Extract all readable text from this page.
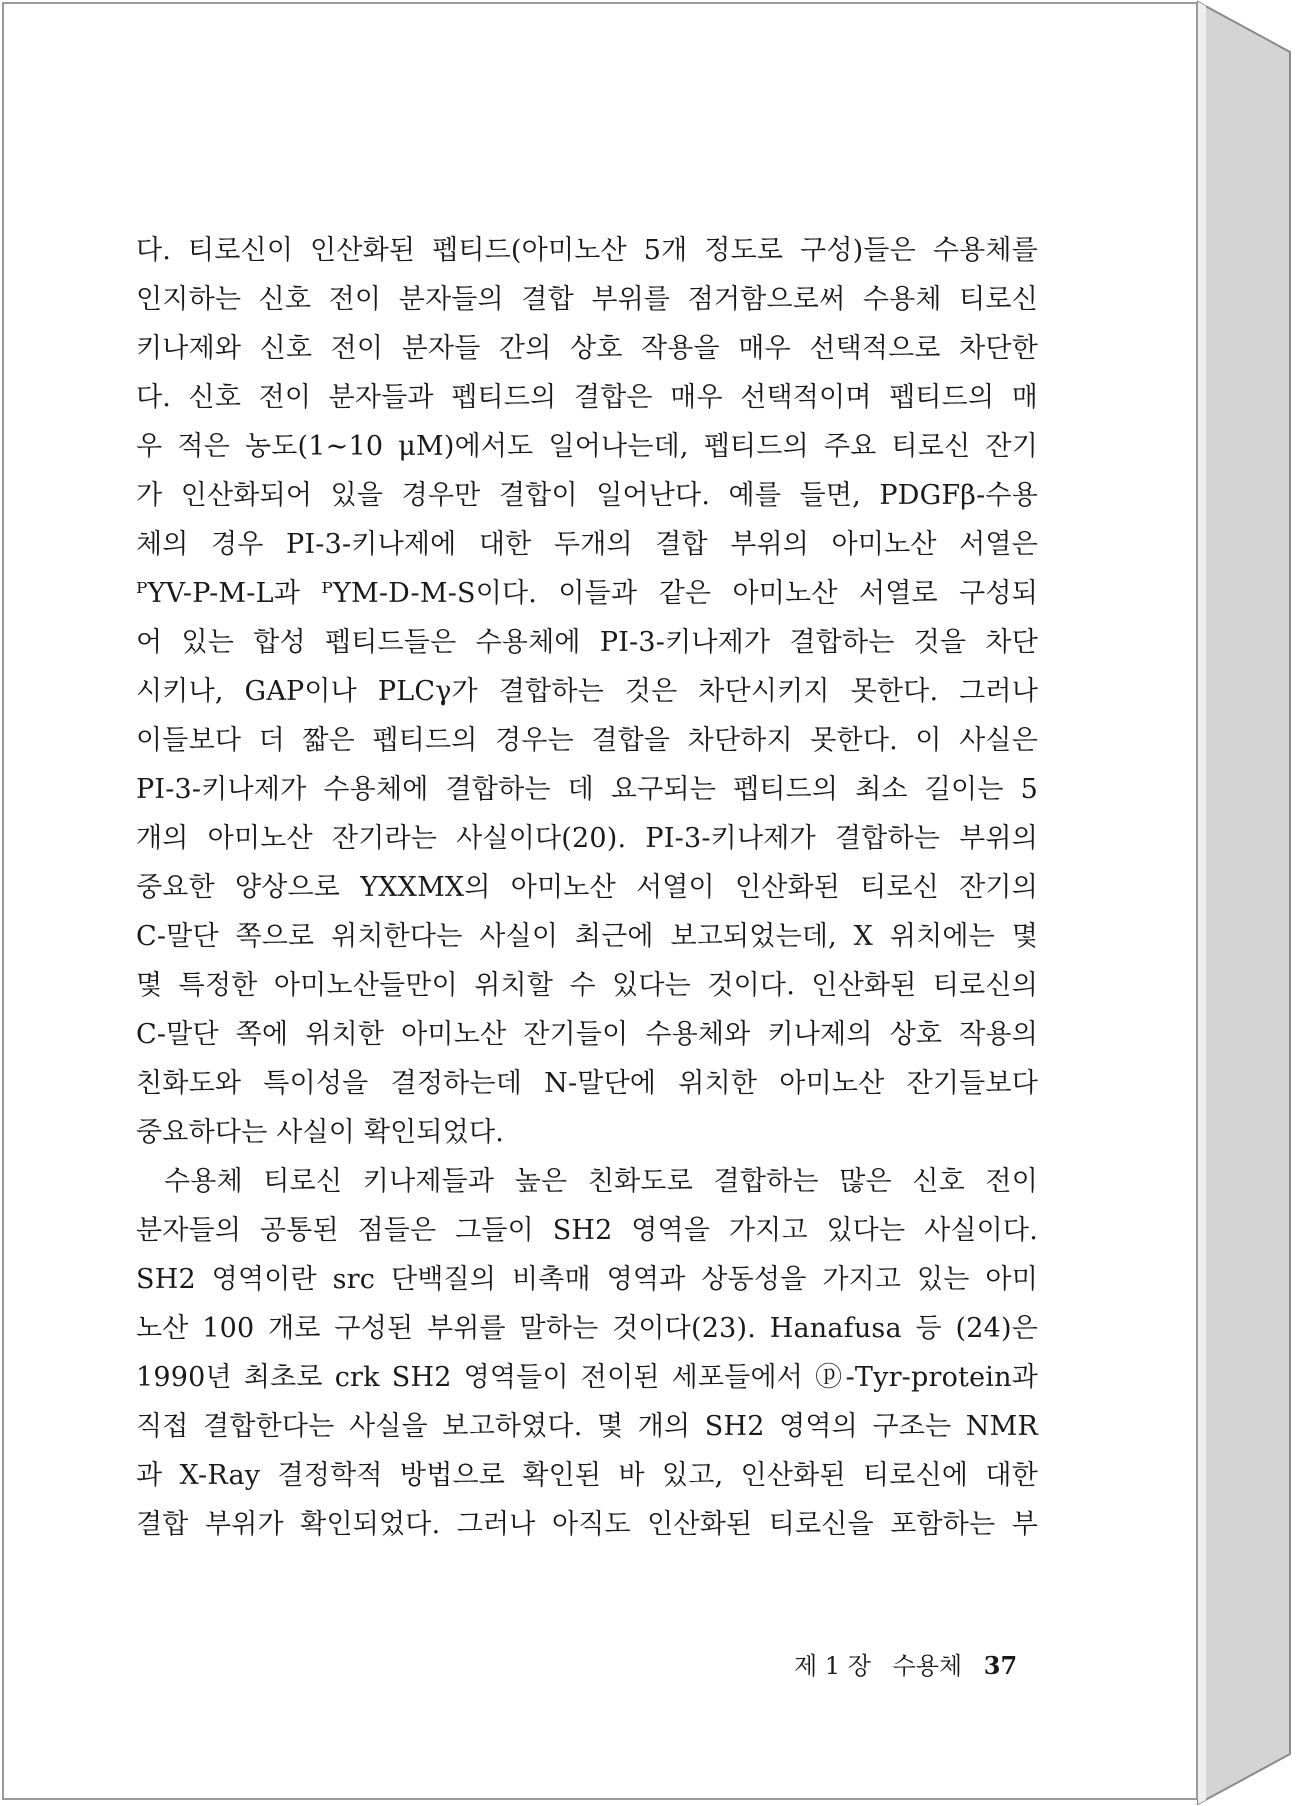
다. 티로신이 인산화된 펩티드(아미노산 5개 정도로 구성)들은 수용체를
인지하는 신호 전이 분자들의 결합 부위를 점거함으로써 수용체 티로신
키나제와 신호 전이 분자들 간의 상호 작용을 매우 선택적으로 차단한
다. 신호 전이 분자들과 펩티드의 결합은 매우 선택적이며 펩티드의 매
우 적은 농도(1∼10 μM)에서도 일어나는데, 펩티드의 주요 티로신 잔기
가 인산화되어 있을 경우만 결합이 일어난다. 예를 들면, PDGFβ-수용
체의 경우 PI-3-키나제에 대한 두개의 결합 부위의 아미노산 서열은
ᴾYV-P-M-L과 ᴾYM-D-M-S이다. 이들과 같은 아미노산 서열로 구성되
어 있는 합성 펩티드들은 수용체에 PI-3-키나제가 결합하는 것을 차단
시키나, GAP이나 PLCγ가 결합하는 것은 차단시키지 못한다. 그러나
이들보다 더 짧은 펩티드의 경우는 결합을 차단하지 못한다. 이 사실은
PI-3-키나제가 수용체에 결합하는 데 요구되는 펩티드의 최소 길이는 5
개의 아미노산 잔기라는 사실이다(20). PI-3-키나제가 결합하는 부위의
중요한 양상으로 YXXMX의 아미노산 서열이 인산화된 티로신 잔기의
C-말단 쪽으로 위치한다는 사실이 최근에 보고되었는데, X 위치에는 몇
몇 특정한 아미노산들만이 위치할 수 있다는 것이다. 인산화된 티로신의
C-말단 쪽에 위치한 아미노산 잔기들이 수용체와 키나제의 상호 작용의
친화도와 특이성을 결정하는데 N-말단에 위치한 아미노산 잔기들보다
중요하다는 사실이 확인되었다.
수용체 티로신 키나제들과 높은 친화도로 결합하는 많은 신호 전이
분자들의 공통된 점들은 그들이 SH2 영역을 가지고 있다는 사실이다.
SH2 영역이란 src 단백질의 비촉매 영역과 상동성을 가지고 있는 아미
노산 100 개로 구성된 부위를 말하는 것이다(23). Hanafusa 등 (24)은
1990년 최초로 crk SH2 영역들이 전이된 세포들에서 ⓟ-Tyr-protein과
직접 결합한다는 사실을 보고하였다. 몇 개의 SH2 영역의 구조는 NMR
과 X-Ray 결정학적 방법으로 확인된 바 있고, 인산화된 티로신에 대한
결합 부위가 확인되었다. 그러나 아직도 인산화된 티로신을 포함하는 부
제 1 장 수용체 37
